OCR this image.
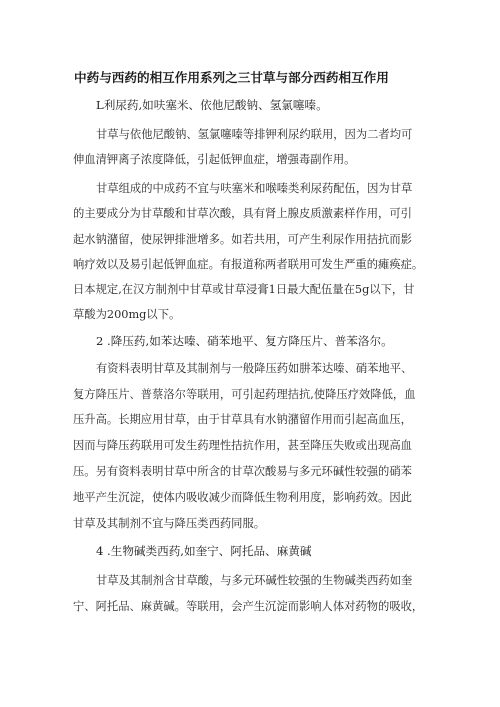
中药与西药的相互作用系列之三甘草与部分西药相互作用
L利尿药,如呋塞米、依他尼酸钠、氢氯噻嗪。
甘草与依他尼酸钠、氢氯噻嗪等排钾利尿约联用，因为二者均可
伸血清钾离子浓度降低，引起低钾血症，增强毒副作用。
甘草组成的中成药不宜与呋塞米和喉嗪类利尿药配伍，因为甘草
的主要成分为甘草酸和甘草次酸，具有肾上腺皮质激素样作用，可引
起水钠潴留，使尿钾排泄增多。如若共用，可产生利尿作用拮抗而影
响疗效以及易引起低钾血症。有报道称两者联用可发生严重的瘫痪症。
日本规定,在汉方制剂中甘草或甘草浸膏1日最大配伍量在5g以下，甘
草酸为200mg以下。
2 .降压药,如苯达嗪、硝苯地平、复方降压片、普苯洛尔。
有资料表明甘草及其制剂与一般降压药如肼苯达嗪、硝苯地平、
复方降压片、普蔡洛尔等联用，可引起药理拮抗,使降压疗效降低，血
压升高。长期应用甘草，由于甘草具有水钠潴留作用而引起高血压，
因而与降压药联用可发生药理性拮抗作用，甚至降压失败或出现高血
压。另有资料表明甘草中所含的甘草次酸易与多元环碱性较强的硝苯
地平产生沉淀，使体内吸收减少而降低生物利用度，影响药效。因此
甘草及其制剂不宜与降压类西药同服。
4 .生物碱类西药,如奎宁、阿托品、麻黄碱
甘草及其制剂含甘草酸，与多元环碱性较强的生物碱类西药如奎
宁、阿托品、麻黄碱。等联用，会产生沉淀而影响人体对药物的吸收，
